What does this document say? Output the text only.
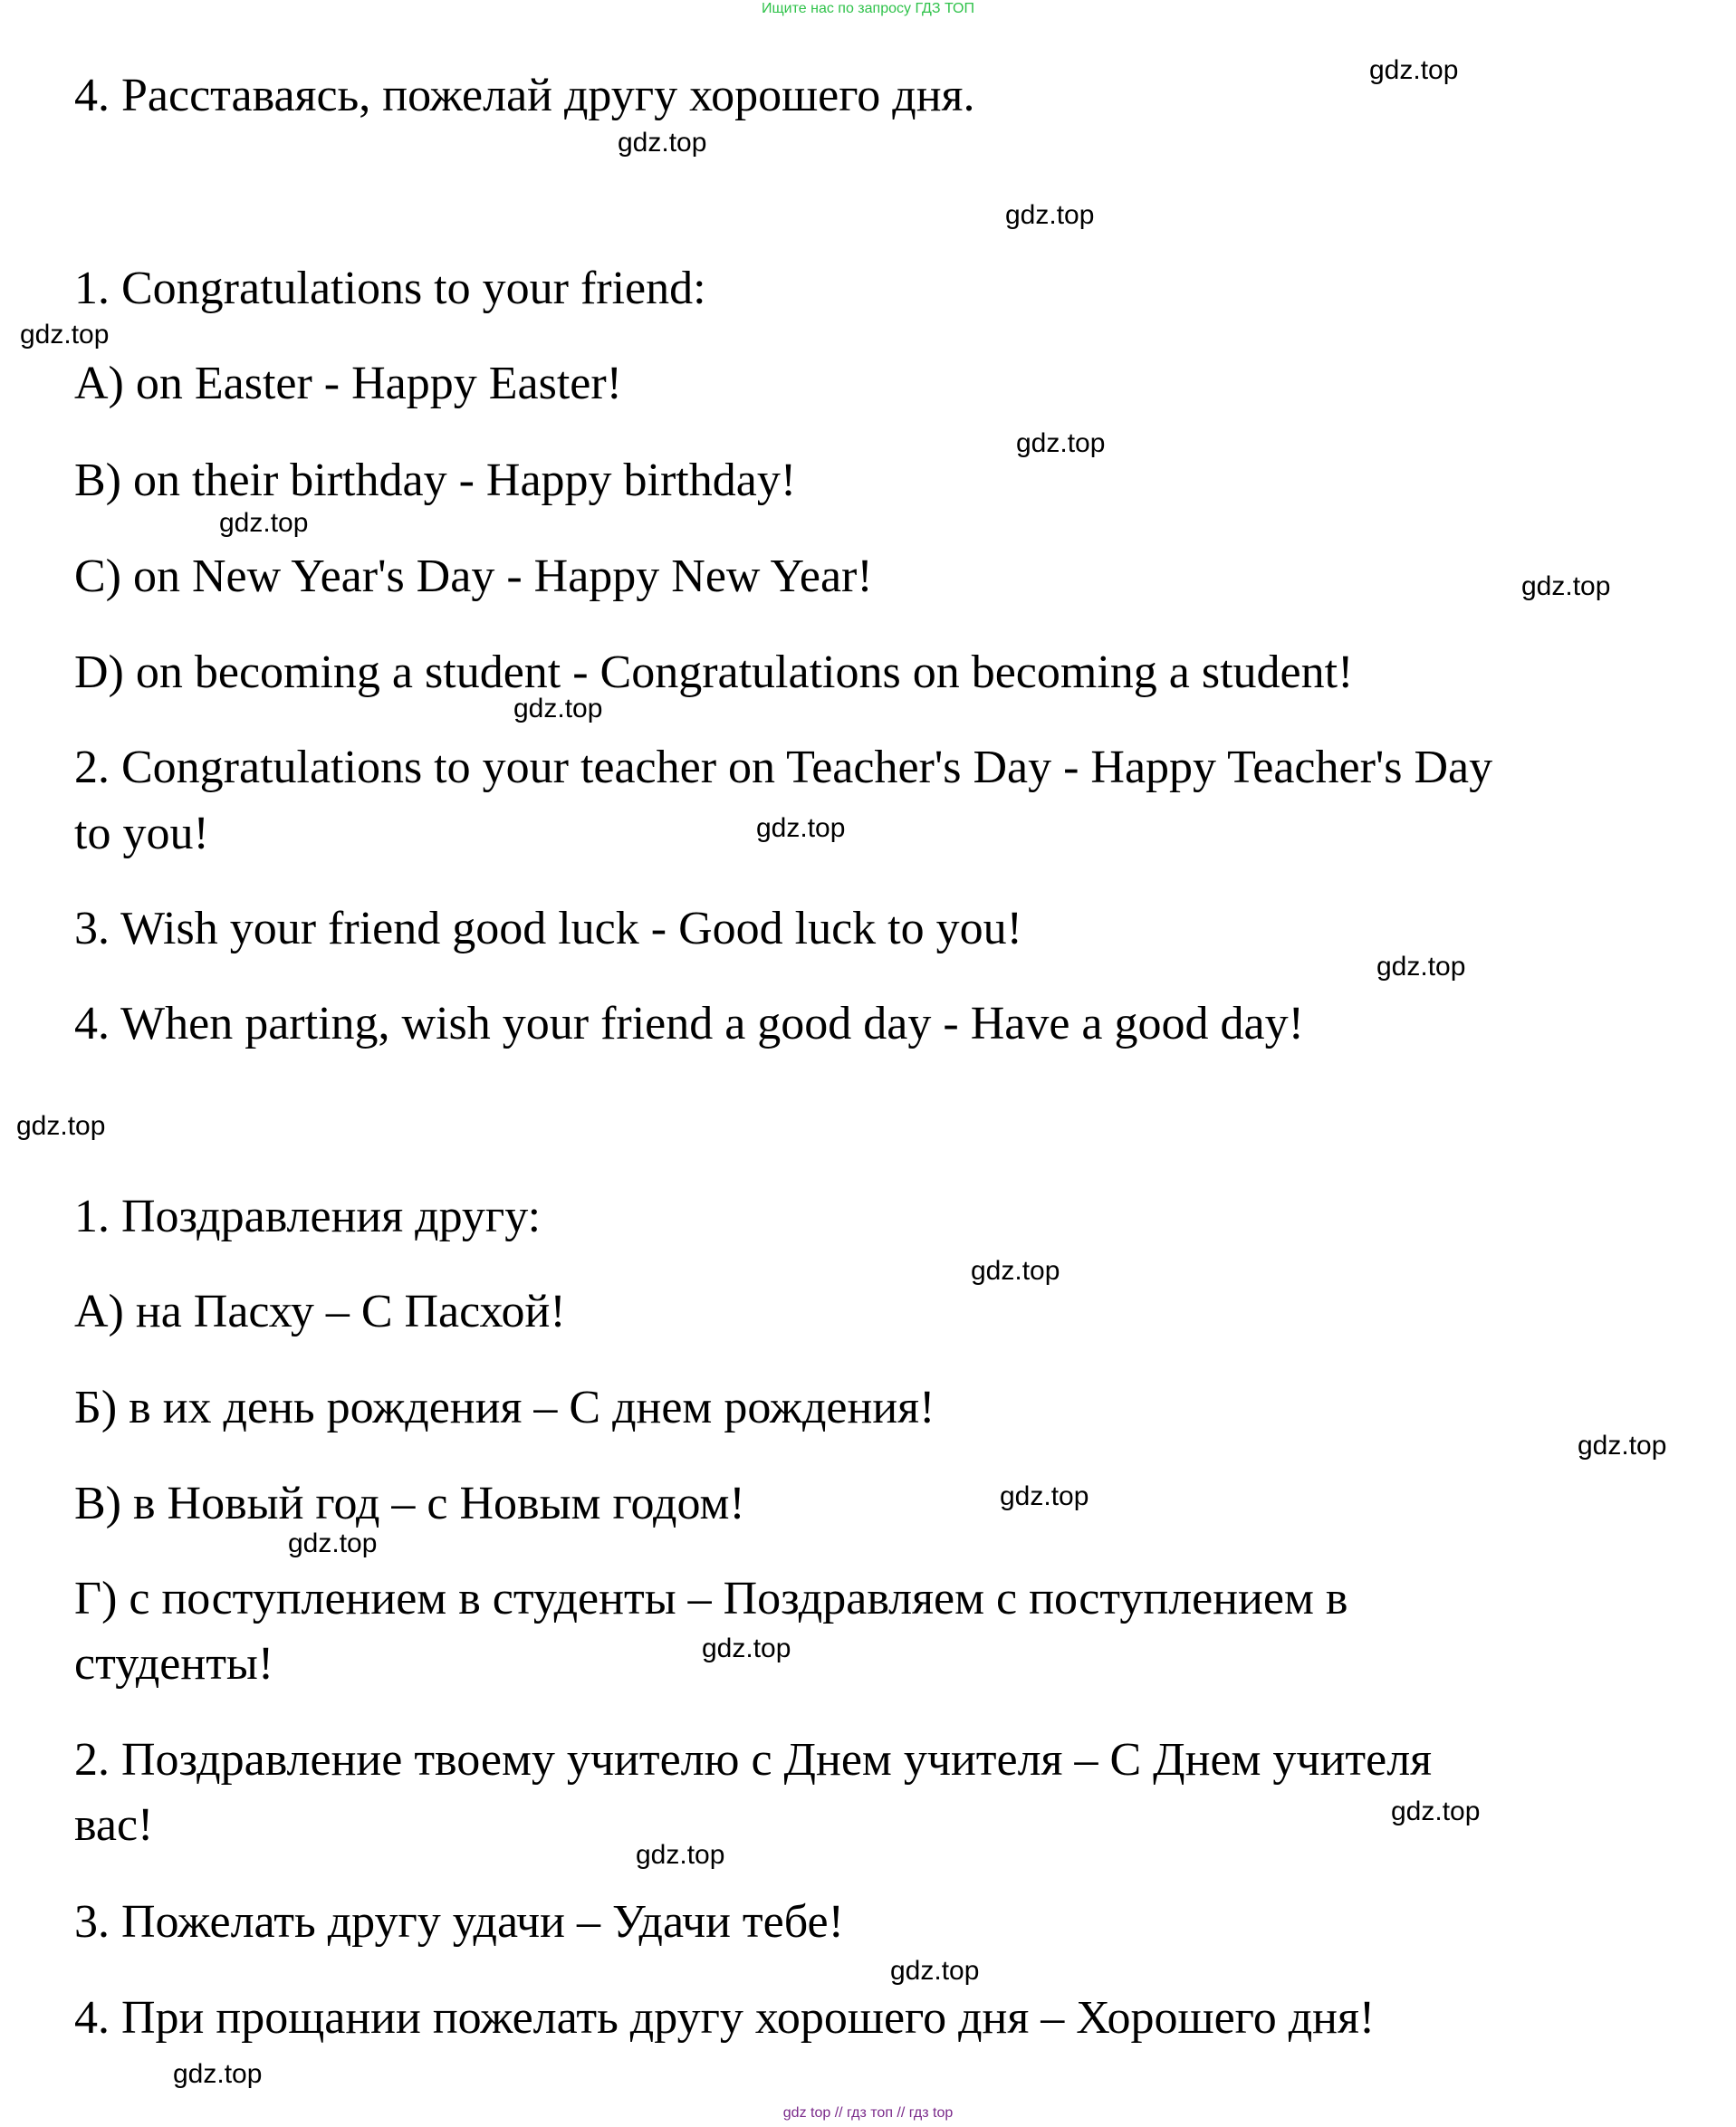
Ищите нас по запросу ГДЗ ТОП

4. Расставаясь, пожелай другу хорошего дня.

1. Congratulations to your friend:

A) on Easter - Happy Easter!

B) on their birthday - Happy birthday!

C) on New Year's Day - Happy New Year!

D) on becoming a student - Congratulations on becoming a student!

2. Congratulations to your teacher on Teacher's Day - Happy Teacher's Day

to you!

3. Wish your friend good luck - Good luck to you!

4. When parting, wish your friend a good day - Have a good day!

1. Поздравления другу:

А) на Пасху – С Пасхой!

Б) в их день рождения – С днем рождения!

В) в Новый год – с Новым годом!

Г) с поступлением в студенты – Поздравляем с поступлением в

студенты!

2. Поздравление твоему учителю с Днем учителя – С Днем учителя

вас!

3. Пожелать другу удачи – Удачи тебе!

4. При прощании пожелать другу хорошего дня – Хорошего дня!

gdz.top
gdz.top
gdz.top
gdz.top
gdz.top
gdz.top
gdz.top
gdz.top
gdz.top
gdz.top
gdz.top
gdz.top
gdz.top
gdz.top
gdz.top
gdz.top
gdz.top
gdz.top
gdz.top
gdz.top
gdz top // гдз топ // гдз top
